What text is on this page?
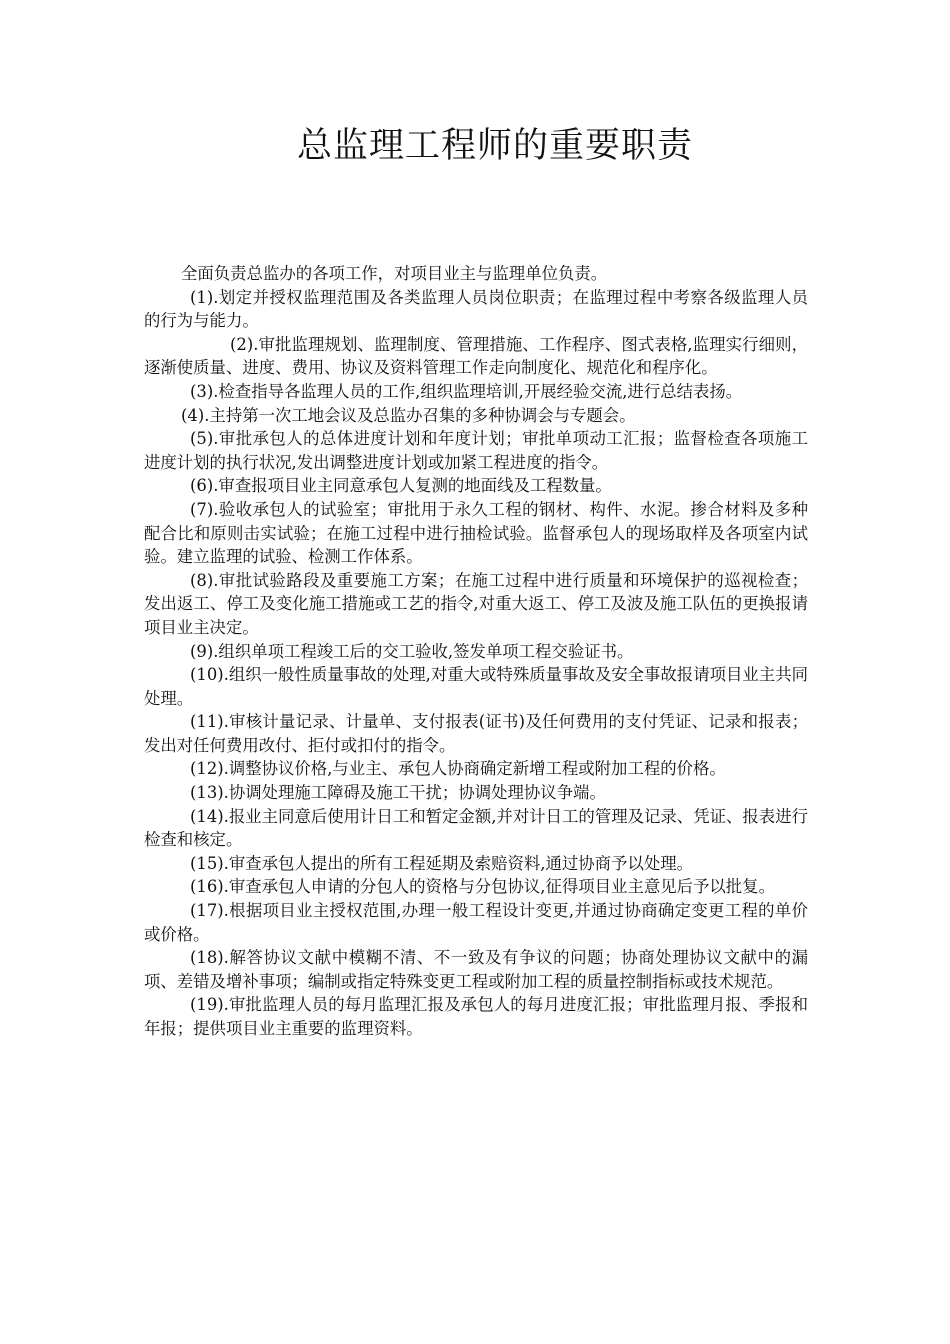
总监理工程师的重要职责

全面负责总监办的各项工作，对项目业主与监理单位负责。

(1).划定并授权监理范围及各类监理人员岗位职责；在监理过程中考察各级监理人员的行为与能力。

(2).审批监理规划、监理制度、管理措施、工作程序、图式表格,监理实行细则，逐渐使质量、进度、费用、协议及资料管理工作走向制度化、规范化和程序化。

(3).检查指导各监理人员的工作,组织监理培训,开展经验交流,进行总结表扬。

(4).主持第一次工地会议及总监办召集的多种协调会与专题会。

(5).审批承包人的总体进度计划和年度计划；审批单项动工汇报；监督检查各项施工进度计划的执行状况,发出调整进度计划或加紧工程进度的指令。

(6).审查报项目业主同意承包人复测的地面线及工程数量。

(7).验收承包人的试验室；审批用于永久工程的钢材、构件、水泥。掺合材料及多种配合比和原则击实试验；在施工过程中进行抽检试验。监督承包人的现场取样及各项室内试验。建立监理的试验、检测工作体系。

(8).审批试验路段及重要施工方案；在施工过程中进行质量和环境保护的巡视检查；发出返工、停工及变化施工措施或工艺的指令,对重大返工、停工及波及施工队伍的更换报请项目业主决定。

(9).组织单项工程竣工后的交工验收,签发单项工程交验证书。

(10).组织一般性质量事故的处理,对重大或特殊质量事故及安全事故报请项目业主共同处理。

(11).审核计量记录、计量单、支付报表(证书)及任何费用的支付凭证、记录和报表；发出对任何费用改付、拒付或扣付的指令。

(12).调整协议价格,与业主、承包人协商确定新增工程或附加工程的价格。

(13).协调处理施工障碍及施工干扰；协调处理协议争端。

(14).报业主同意后使用计日工和暂定金额,并对计日工的管理及记录、凭证、报表进行检查和核定。

(15).审查承包人提出的所有工程延期及索赔资料,通过协商予以处理。

(16).审查承包人申请的分包人的资格与分包协议,征得项目业主意见后予以批复。

(17).根据项目业主授权范围,办理一般工程设计变更,并通过协商确定变更工程的单价或价格。

(18).解答协议文献中模糊不清、不一致及有争议的问题；协商处理协议文献中的漏项、差错及增补事项；编制或指定特殊变更工程或附加工程的质量控制指标或技术规范。

(19).审批监理人员的每月监理汇报及承包人的每月进度汇报；审批监理月报、季报和年报；提供项目业主重要的监理资料。
